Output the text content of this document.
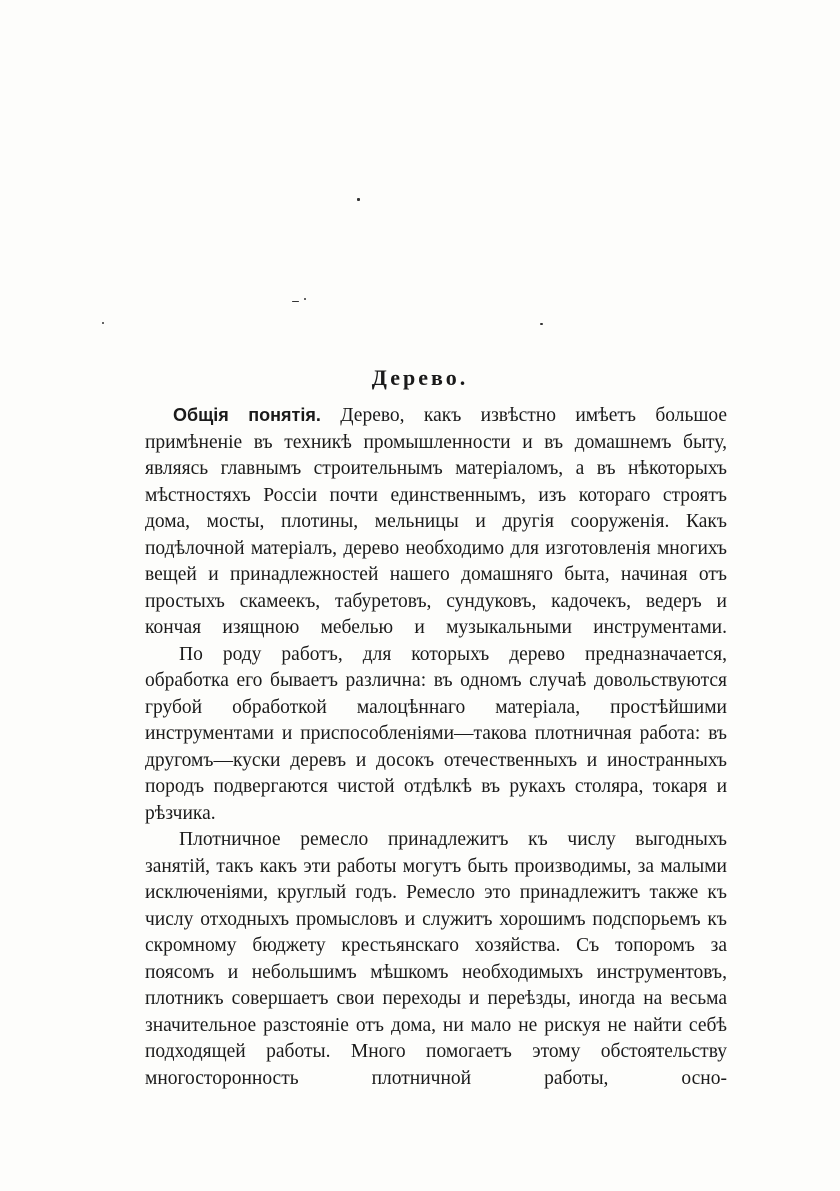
Дерево.

Общiя понятiя. Дерево, какъ извѣстно имѣетъ большое примѣненiе въ техникѣ промышленности и въ домашнемъ быту, являясь главнымъ строительнымъ матерiаломъ, а въ нѣкоторыхъ мѣстностяхъ Россiи почти единственнымъ, изъ котораго строятъ дома, мосты, плотины, мельницы и другiя сооруженiя. Какъ подѣлочной матерiалъ, дерево необходимо для изготовленiя многихъ вещей и принадлежностей нашего домашняго быта, начиная отъ простыхъ скамеекъ, табуретовъ, сундуковъ, кадочекъ, ведеръ и кончая изящною мебелью и музыкальными инструментами.

По роду работъ, для которыхъ дерево предназначается, обработка его бываетъ различна: въ одномъ случаѣ довольствуются грубой обработкой малоцѣннаго матерiала, простѣйшими инструментами и приспособленiями—такова плотничная работа: въ другомъ—куски деревъ и досокъ отечественныхъ и иностранныхъ породъ подвергаются чистой отдѣлкѣ въ рукахъ столяра, токаря и рѣзчика.

Плотничное ремесло принадлежитъ къ числу выгодныхъ занятiй, такъ какъ эти работы могутъ быть производимы, за малыми исключенiями, круглый годъ. Ремесло это принадлежитъ также къ числу отходныхъ промысловъ и служитъ хорошимъ подспорьемъ къ скромному бюджету крестьянскаго хозяйства. Съ топоромъ за поясомъ и небольшимъ мѣшкомъ необходимыхъ инструментовъ, плотникъ совершаетъ свои переходы и переѣзды, иногда на весьма значительное разстоянiе отъ дома, ни мало не рискуя не найти себѣ подходящей работы. Много помогаетъ этому обстоятельству многосторонность плотничной работы, осно-
